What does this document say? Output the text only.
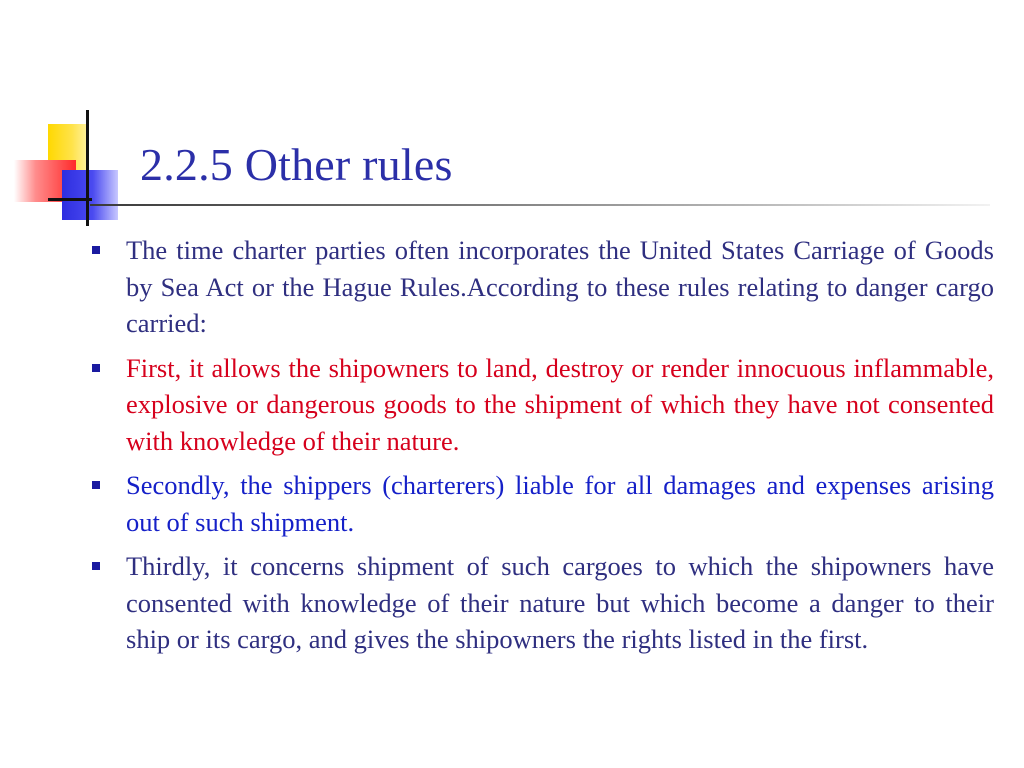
2.2.5 Other rules
The time charter parties often incorporates the United States Carriage of Goods by Sea Act or the Hague Rules.According to these rules relating to danger cargo carried:
First, it allows the shipowners to land, destroy or render innocuous inflammable, explosive or dangerous goods to the shipment of which they have not consented with knowledge of their nature.
Secondly, the shippers (charterers) liable for all damages and expenses arising out of such shipment.
Thirdly, it concerns shipment of such cargoes to which the shipowners have consented with knowledge of their nature but which become a danger to their ship or its cargo, and gives the shipowners the rights listed in the first.
